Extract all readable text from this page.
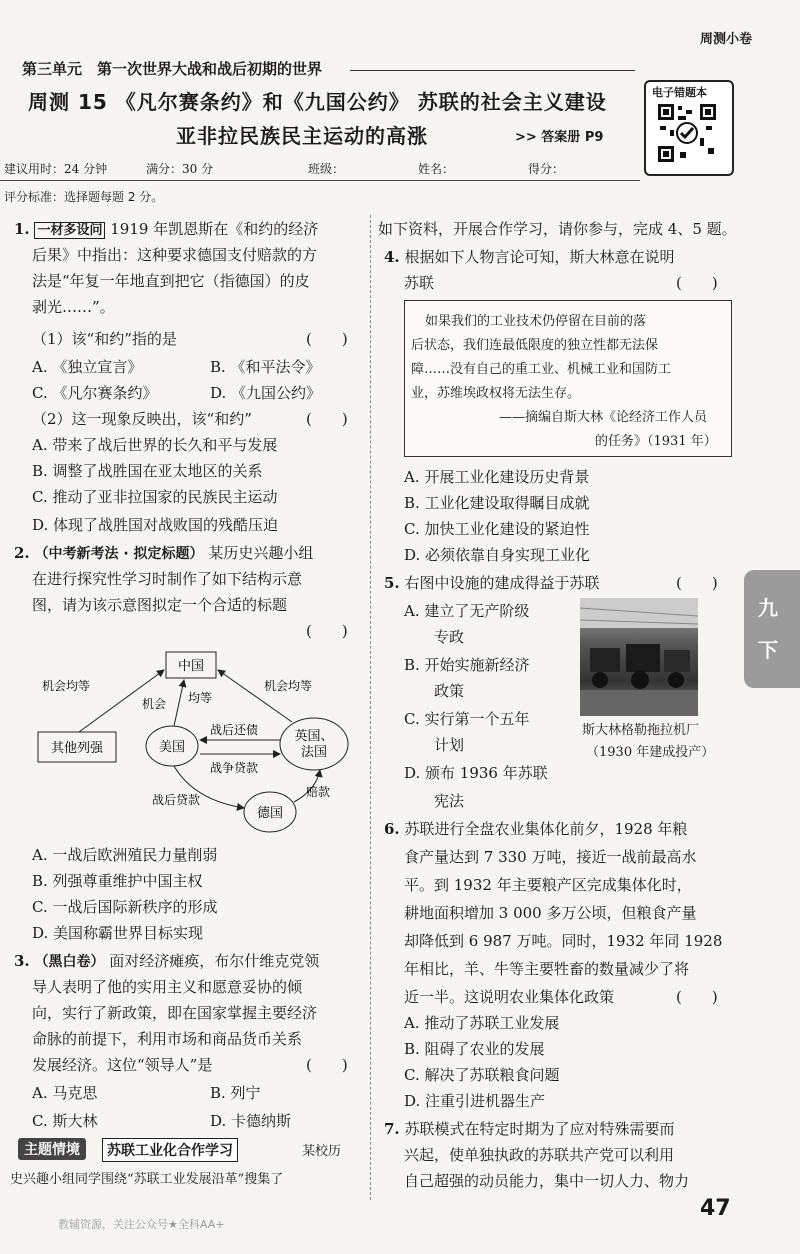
周测小卷
第三单元　第一次世界大战和战后初期的世界
周测 15 《凡尔赛条约》和《九国公约》 苏联的社会主义建设
亚非拉民族民主运动的高涨	>> 答案册 P9
电子错题本
建议用时：24 分钟	满分：30 分	班级：	姓名：	得分：
评分标准：选择题每题 2 分。
1. 一材多设问 1919 年凯恩斯在《和约的经济
后果》中指出：这种要求德国支付赔款的方
法是“年复一年地直到把它（指德国）的皮
剥光……”。
（1）该“和约”指的是	(　　)
A. 《独立宣言》	B. 《和平法令》
C. 《凡尔赛条约》	D. 《九国公约》
（2）这一现象反映出，该“和约”	(　　)
A. 带来了战后世界的长久和平与发展
B. 调整了战胜国在亚太地区的关系
C. 推动了亚非拉国家的民族民主运动
D. 体现了战胜国对战败国的残酷压迫
2. （中考新考法 · 拟定标题） 某历史兴趣小组
在进行探究性学习时制作了如下结构示意
图，请为该示意图拟定一个合适的标题
(　　)
中国
其他列强	美国
英国、
法国
德国
机会均等
机会 均等
机会均等
战后还债
战争贷款
战后贷款
赔款
A. 一战后欧洲殖民力量削弱
B. 列强尊重维护中国主权
C. 一战后国际新秩序的形成
D. 美国称霸世界目标实现
3. （黑白卷） 面对经济瘫痪，布尔什维克党领
导人表明了他的实用主义和愿意妥协的倾
向，实行了新政策，即在国家掌握主要经济
命脉的前提下，利用市场和商品货币关系
发展经济。这位“领导人”是	(　　)
A. 马克思	B. 列宁
C. 斯大林	D. 卡德纳斯
主题情境	苏联工业化合作学习	某校历
史兴趣小组同学围绕“苏联工业发展沿革”搜集了
如下资料，开展合作学习，请你参与，完成 4、5 题。
4. 根据如下人物言论可知，斯大林意在说明
苏联	(　　)
如果我们的工业技术仍停留在目前的落
后状态，我们连最低限度的独立性都无法保
障……没有自己的重工业、机械工业和国防工
业，苏维埃政权将无法生存。
——摘编自斯大林《论经济工作人员
的任务》（1931 年）
A. 开展工业化建设历史背景
B. 工业化建设取得瞩目成就
C. 加快工业化建设的紧迫性
D. 必须依靠自身实现工业化
5. 右图中设施的建成得益于苏联	(　　)
A. 建立了无产阶级
专政
B. 开始实施新经济
政策
C. 实行第一个五年
计划
D. 颁布 1936 年苏联
宪法
斯大林格勒拖拉机厂
（1930 年建成投产）
6. 苏联进行全盘农业集体化前夕，1928 年粮
食产量达到 7 330 万吨，接近一战前最高水
平。到 1932 年主要粮产区完成集体化时，
耕地面积增加 3 000 多万公顷，但粮食产量
却降低到 6 987 万吨。同时，1932 年同 1928
年相比，羊、牛等主要牲畜的数量减少了将
近一半。这说明农业集体化政策	(　　)
A. 推动了苏联工业发展
B. 阻碍了农业的发展
C. 解决了苏联粮食问题
D. 注重引进机器生产
7. 苏联模式在特定时期为了应对特殊需要而
兴起，使单独执政的苏联共产党可以利用
自己超强的动员能力，集中一切人力、物力
九
下
47
教辅资源，关注公众号★全科AA+
